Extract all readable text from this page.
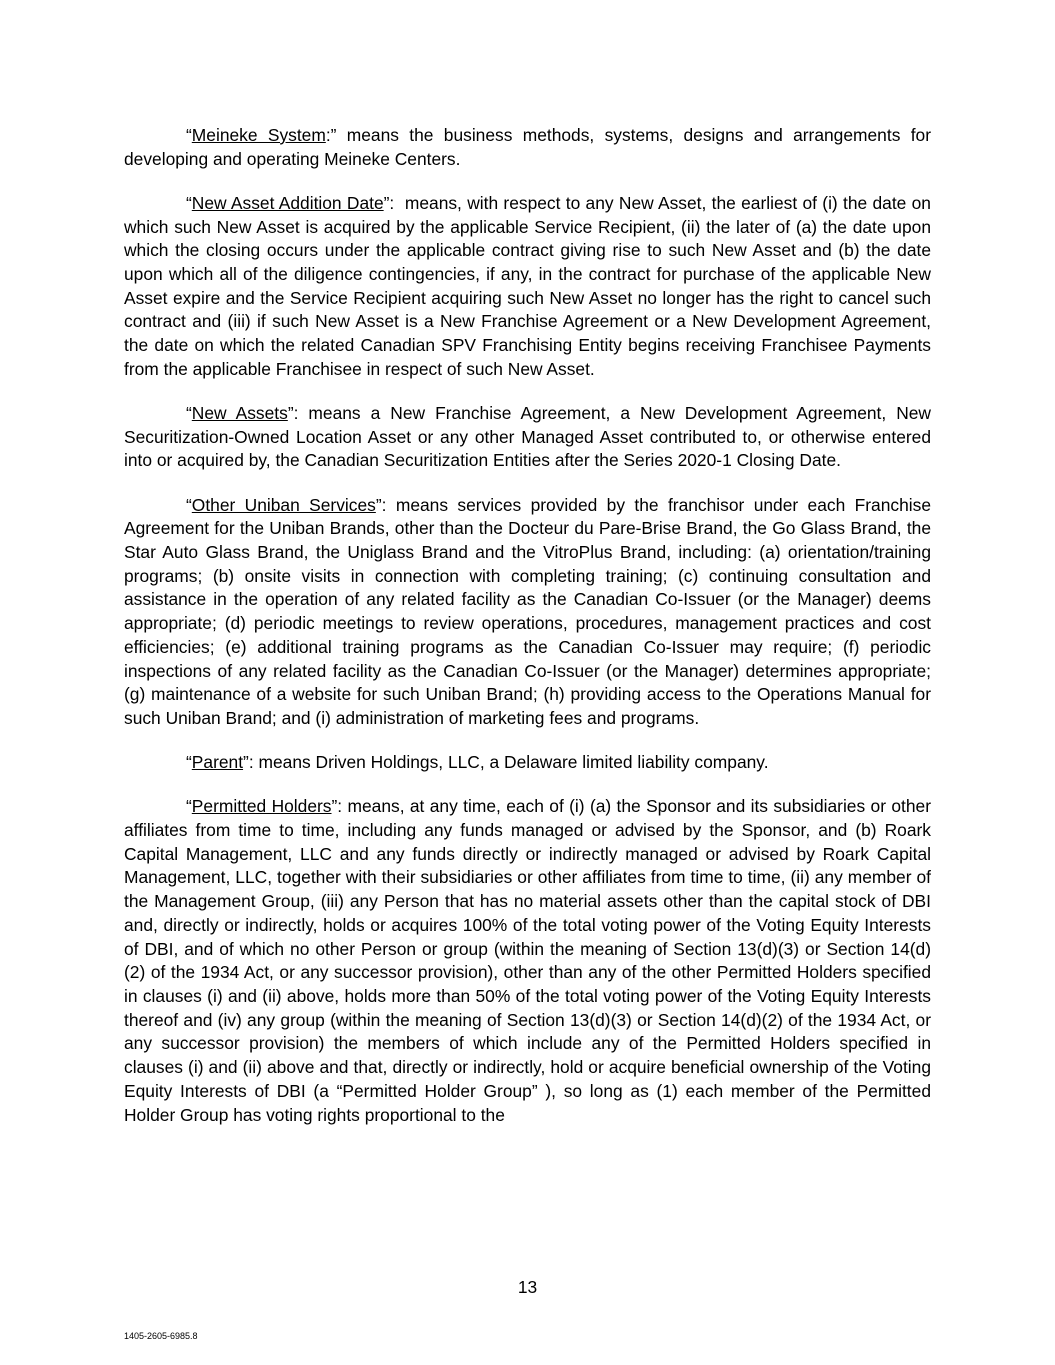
“Meineke System:” means the business methods, systems, designs and arrangements for developing and operating Meineke Centers.

“New Asset Addition Date”:  means, with respect to any New Asset, the earliest of (i) the date on which such New Asset is acquired by the applicable Service Recipient, (ii) the later of (a) the date upon which the closing occurs under the applicable contract giving rise to such New Asset and (b) the date upon which all of the diligence contingencies, if any, in the contract for purchase of the applicable New Asset expire and the Service Recipient acquiring such New Asset no longer has the right to cancel such contract and (iii) if such New Asset is a New Franchise Agreement or a New Development Agreement, the date on which the related Canadian SPV Franchising Entity begins receiving Franchisee Payments from the applicable Franchisee in respect of such New Asset.

“New Assets”: means a New Franchise Agreement, a New Development Agreement, New Securitization-Owned Location Asset or any other Managed Asset contributed to, or otherwise entered into or acquired by, the Canadian Securitization Entities after the Series 2020-1 Closing Date.

“Other Uniban Services”: means services provided by the franchisor under each Franchise Agreement for the Uniban Brands, other than the Docteur du Pare-Brise Brand, the Go Glass Brand, the Star Auto Glass Brand, the Uniglass Brand and the VitroPlus Brand, including: (a) orientation/training programs; (b) onsite visits in connection with completing training; (c) continuing consultation and assistance in the operation of any related facility as the Canadian Co-Issuer (or the Manager) deems appropriate; (d) periodic meetings to review operations, procedures, management practices and cost efficiencies; (e) additional training programs as the Canadian Co-Issuer may require; (f) periodic inspections of any related facility as the Canadian Co-Issuer (or the Manager) determines appropriate; (g) maintenance of a website for such Uniban Brand; (h) providing access to the Operations Manual for such Uniban Brand; and (i) administration of marketing fees and programs.

“Parent”: means Driven Holdings, LLC, a Delaware limited liability company.

“Permitted Holders”: means, at any time, each of (i) (a) the Sponsor and its subsidiaries or other affiliates from time to time, including any funds managed or advised by the Sponsor, and (b) Roark Capital Management, LLC and any funds directly or indirectly managed or advised by Roark Capital Management, LLC, together with their subsidiaries or other affiliates from time to time, (ii) any member of the Management Group, (iii) any Person that has no material assets other than the capital stock of DBI and, directly or indirectly, holds or acquires 100% of the total voting power of the Voting Equity Interests of DBI, and of which no other Person or group (within the meaning of Section 13(d)(3) or Section 14(d)(2) of the 1934 Act, or any successor provision), other than any of the other Permitted Holders specified in clauses (i) and (ii) above, holds more than 50% of the total voting power of the Voting Equity Interests thereof and (iv) any group (within the meaning of Section 13(d)(3) or Section 14(d)(2) of the 1934 Act, or any successor provision) the members of which include any of the Permitted Holders specified in clauses (i) and (ii) above and that, directly or indirectly, hold or acquire beneficial ownership of the Voting Equity Interests of DBI (a “Permitted Holder Group” ), so long as (1) each member of the Permitted Holder Group has voting rights proportional to the

13
1405-2605-6985.8
